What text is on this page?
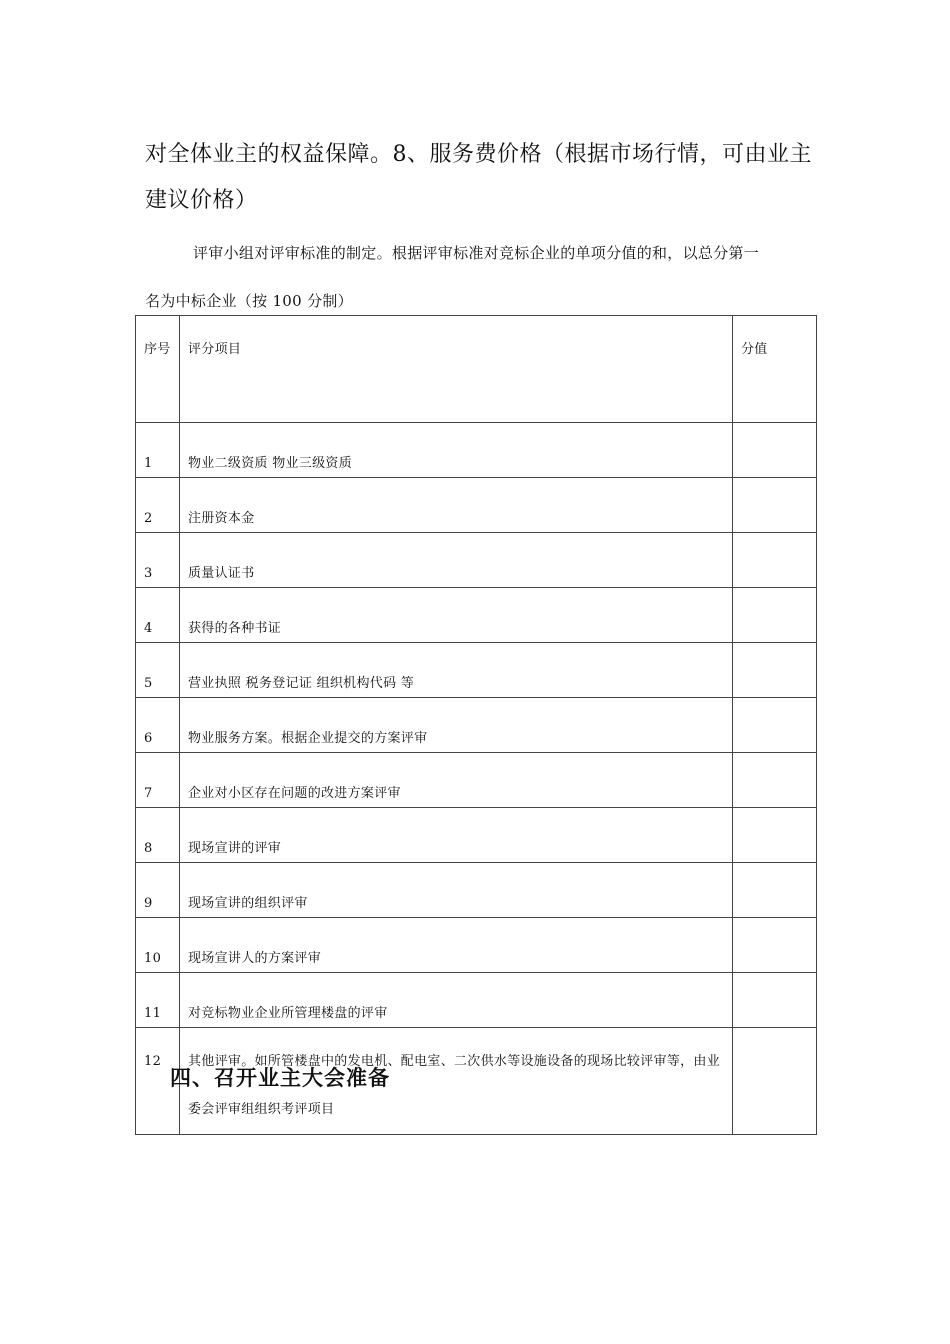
对全体业主的权益保障。8、服务费价格（根据市场行情，可由业主建议价格）
评审小组对评审标准的制定。根据评审标准对竞标企业的单项分值的和，以总分第一
名为中标企业（按 100 分制）
序号	评分项目	分值
1	物业二级资质 物业三级资质	
2	注册资本金	
3	质量认证书	
4	获得的各种书证	
5	营业执照 税务登记证 组织机构代码 等	
6	物业服务方案。根据企业提交的方案评审	
7	企业对小区存在问题的改进方案评审	
8	现场宣讲的评审	
9	现场宣讲的组织评审	
10	现场宣讲人的方案评审	
11	对竞标物业企业所管理楼盘的评审	
12	其他评审。如所管楼盘中的发电机、配电室、二次供水等设施设备的现场比较评审等，由业委会评审组组织考评项目	
四、召开业主大会准备
